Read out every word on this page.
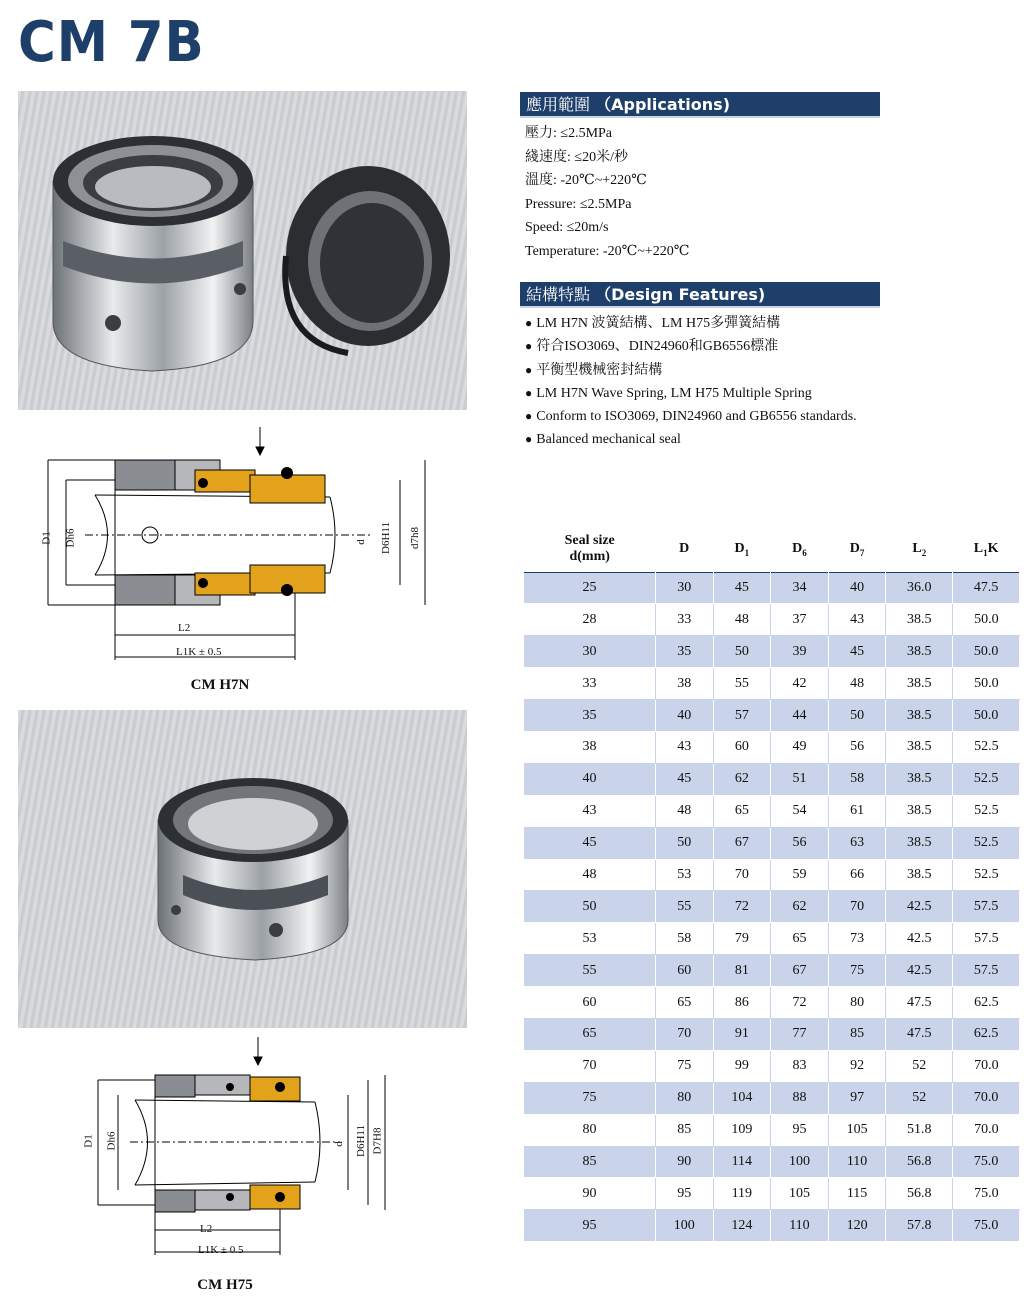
CM 7B
D1 Dh6	d D6H11 d7h8
L2
L1K ± 0.5
CM H7N
D1 Dh6	d D6H11 D7H8
L2
L1K ± 0.5
CM H75
應用範圍 （Applications)
壓力: ≤2.5MPa
綫速度: ≤20米/秒
溫度: -20℃~+220℃
Pressure: ≤2.5MPa
Speed: ≤20m/s
Temperature: -20℃~+220℃
結構特點 （Design Features)
● LM H7N 波簧結構、LM H75多彈簧結構
● 符合ISO3069、DIN24960和GB6556標准
● 平衡型機械密封結構
● LM H7N Wave Spring, LM H75 Multiple Spring
● Conform to ISO3069, DIN24960 and GB6556 standards.
● Balanced mechanical seal
Seal size
d(mm)	D	$D_1$	$D_6$	$D_7$	$L_2$	$L_1K$
25	30	45	34	40	36.0	47.5
28	33	48	37	43	38.5	50.0
30	35	50	39	45	38.5	50.0
33	38	55	42	48	38.5	50.0
35	40	57	44	50	38.5	50.0
38	43	60	49	56	38.5	52.5
40	45	62	51	58	38.5	52.5
43	48	65	54	61	38.5	52.5
45	50	67	56	63	38.5	52.5
48	53	70	59	66	38.5	52.5
50	55	72	62	70	42.5	57.5
53	58	79	65	73	42.5	57.5
55	60	81	67	75	42.5	57.5
60	65	86	72	80	47.5	62.5
65	70	91	77	85	47.5	62.5
70	75	99	83	92	52	70.0
75	80	104	88	97	52	70.0
80	85	109	95	105	51.8	70.0
85	90	114	100	110	56.8	75.0
90	95	119	105	115	56.8	75.0
95	100	124	110	120	57.8	75.0
